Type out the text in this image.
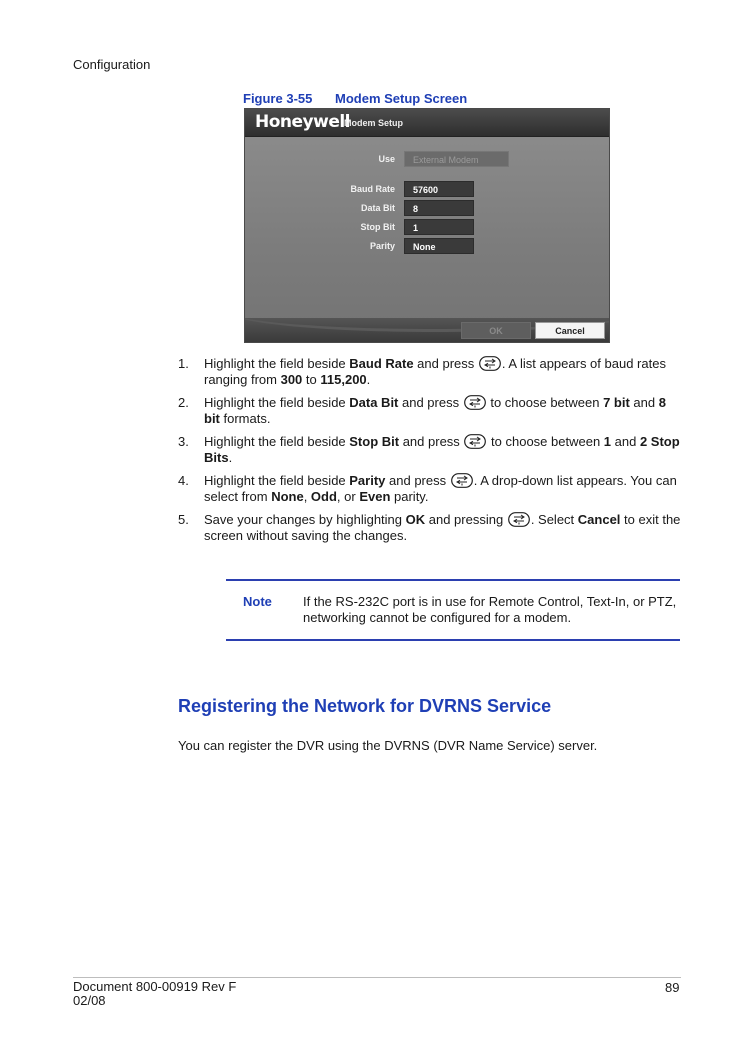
Configuration
Figure 3-55 Modem Setup Screen
Honeywell
Modem Setup
Use	External Modem
Baud Rate	57600
Data Bit	8
Stop Bit	1
Parity	None
OK	Cancel
1. Highlight the field beside Baud Rate and press . A list appears of baud rates ranging from 300 to 115,200.
2. Highlight the field beside Data Bit and press  to choose between 7 bit and 8 bit formats.
3. Highlight the field beside Stop Bit and press  to choose between 1 and 2 Stop Bits.
4. Highlight the field beside Parity and press . A drop-down list appears. You can select from None, Odd, or Even parity.
5. Save your changes by highlighting OK and pressing . Select Cancel to exit the screen without saving the changes.
Note If the RS-232C port is in use for Remote Control, Text-In, or PTZ, networking cannot be configured for a modem.
Registering the Network for DVRNS Service
You can register the DVR using the DVRNS (DVR Name Service) server.
Document 800-00919 Rev F
02/08
89
